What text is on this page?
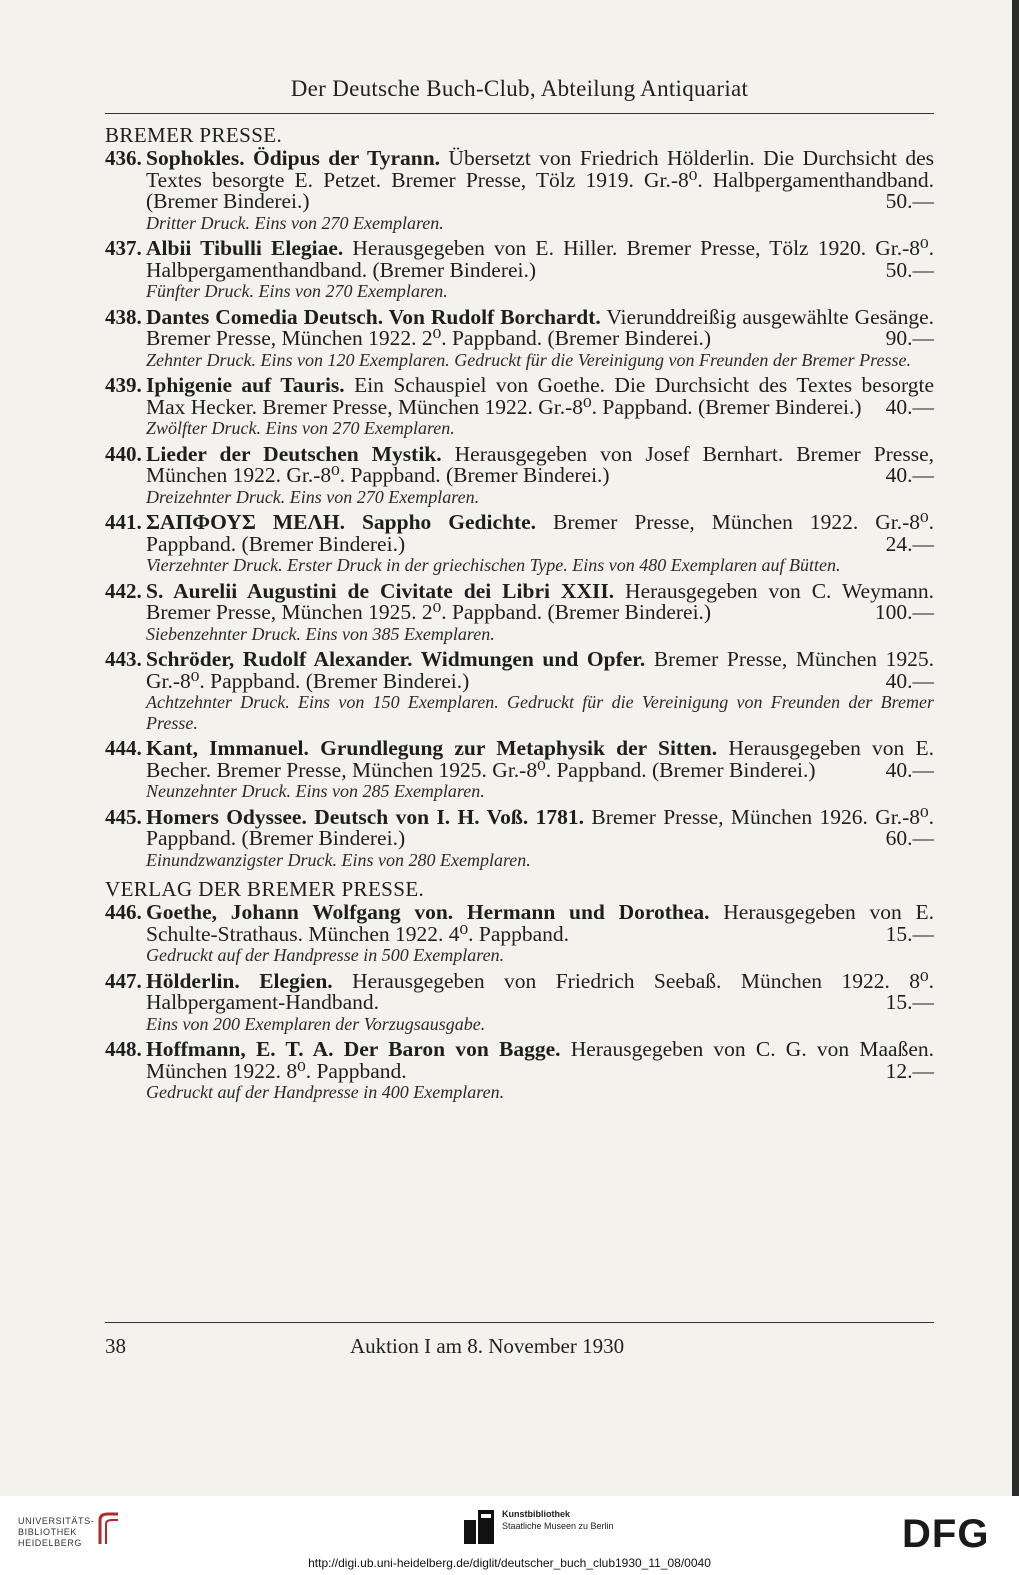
Der Deutsche Buch-Club, Abteilung Antiquariat
BREMER PRESSE.
436. Sophokles. Ödipus der Tyrann. Übersetzt von Friedrich Hölderlin. Die Durchsicht des Textes besorgte E. Petzet. Bremer Presse, Tölz 1919. Gr.-8⁰. Halbpergamenthandband. (Bremer Binderei.)	50.—
Dritter Druck. Eins von 270 Exemplaren.
437. Albii Tibulli Elegiae. Herausgegeben von E. Hiller. Bremer Presse, Tölz 1920. Gr.-8⁰. Halbpergamenthandband. (Bremer Binderei.)	50.—
Fünfter Druck. Eins von 270 Exemplaren.
438. Dantes Comedia Deutsch. Von Rudolf Borchardt. Vierunddreißig ausgewählte Gesänge. Bremer Presse, München 1922. 2⁰. Pappband. (Bremer Binderei.)	90.—
Zehnter Druck. Eins von 120 Exemplaren. Gedruckt für die Vereinigung von Freunden der Bremer Presse.
439. Iphigenie auf Tauris. Ein Schauspiel von Goethe. Die Durchsicht des Textes besorgte Max Hecker. Bremer Presse, München 1922. Gr.-8⁰. Pappband. (Bremer Binderei.) 40.—
Zwölfter Druck. Eins von 270 Exemplaren.
440. Lieder der Deutschen Mystik. Herausgegeben von Josef Bernhart. Bremer Presse, München 1922. Gr.-8⁰. Pappband. (Bremer Binderei.)	40.—
Dreizehnter Druck. Eins von 270 Exemplaren.
441. ΣΑΠΦΟΥΣ ΜΕΛΗ. Sappho Gedichte. Bremer Presse, München 1922. Gr.-8⁰. Pappband. (Bremer Binderei.)	24.—
Vierzehnter Druck. Erster Druck in der griechischen Type. Eins von 480 Exemplaren auf Bütten.
442. S. Aurelii Augustini de Civitate dei Libri XXII. Herausgegeben von C. Weymann. Bremer Presse, München 1925. 2⁰. Pappband. (Bremer Binderei.)	100.—
Siebenzehnter Druck. Eins von 385 Exemplaren.
443. Schröder, Rudolf Alexander. Widmungen und Opfer. Bremer Presse, München 1925. Gr.-8⁰. Pappband. (Bremer Binderei.)	40.—
Achtzehnter Druck. Eins von 150 Exemplaren. Gedruckt für die Vereinigung von Freunden der Bremer Presse.
444. Kant, Immanuel. Grundlegung zur Metaphysik der Sitten. Herausgegeben von E. Becher. Bremer Presse, München 1925. Gr.-8⁰. Pappband. (Bremer Binderei.)	40.—
Neunzehnter Druck. Eins von 285 Exemplaren.
445. Homers Odyssee. Deutsch von I. H. Voß. 1781. Bremer Presse, München 1926. Gr.-8⁰. Pappband. (Bremer Binderei.)	60.—
Einundzwanzigster Druck. Eins von 280 Exemplaren.
VERLAG DER BREMER PRESSE.
446. Goethe, Johann Wolfgang von. Hermann und Dorothea. Herausgegeben von E. Schulte-Strathaus. München 1922. 4⁰. Pappband.	15.—
Gedruckt auf der Handpresse in 500 Exemplaren.
447. Hölderlin. Elegien. Herausgegeben von Friedrich Seebaß. München 1922. 8⁰. Halbpergament-Handband.	15.—
Eins von 200 Exemplaren der Vorzugsausgabe.
448. Hoffmann, E. T. A. Der Baron von Bagge. Herausgegeben von C. G. von Maaßen. München 1922. 8⁰. Pappband.	12.—
Gedruckt auf der Handpresse in 400 Exemplaren.
38	Auktion I am 8. November 1930
UNIVERSITÄTS-
BIBLIOTHEK
HEIDELBERG
Kunstbibliothek
Staatliche Museen zu Berlin	DFG
http://digi.ub.uni-heidelberg.de/diglit/deutscher_buch_club1930_11_08/0040
